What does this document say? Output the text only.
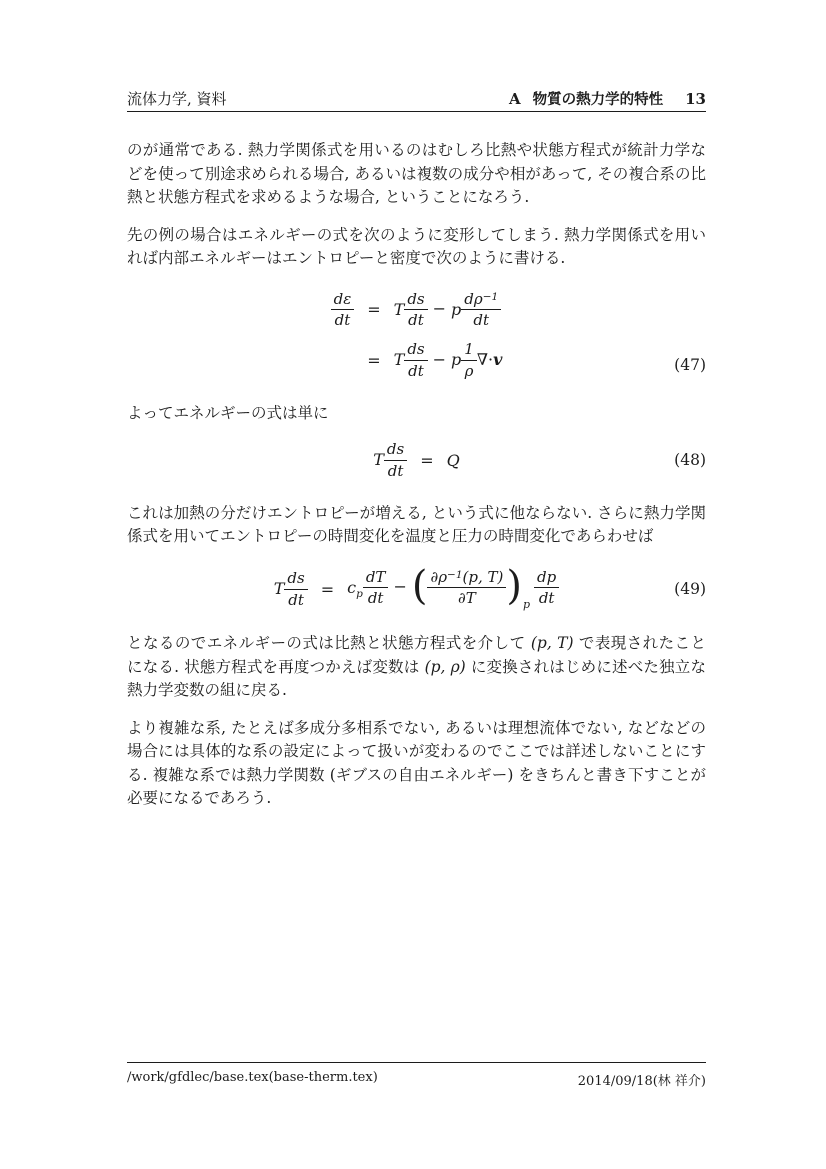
流体力学, 資料	A 物質の熱力学的特性 13

のが通常である. 熱力学関係式を用いるのはむしろ比熱や状態方程式が統計力学などを使って別途求められる場合, あるいは複数の成分や相があって, その複合系の比熱と状態方程式を求めるような場合, ということになろう.

先の例の場合はエネルギーの式を次のように変形してしまう. 熱力学関係式を用いれば内部エネルギーはエントロピーと密度で次のように書ける.

$\frac{d\varepsilon}{dt}$	=	T $\frac{ds}{dt} - p \frac{d\rho^{-1}}{dt}$

	=	T $\frac{ds}{dt} - p \frac{1}{\rho} \nabla\cdot v$	(47)

よってエネルギーの式は単に

T $\frac{ds}{dt}$	=	Q	(48)

これは加熱の分だけエントロピーが増える, という式に他ならない. さらに熱力学関係式を用いてエントロピーの時間変化を温度と圧力の時間変化であらわせば

T $\frac{ds}{dt}$	=	$c_p \frac{dT}{dt}$ − ( $\frac{\partial\rho^{-1}(p, T)}{\partial T} )_p \frac{dp}{dt}$	(49)

となるのでエネルギーの式は比熱と状態方程式を介して (p, T) で表現されたことになる. 状態方程式を再度つかえば変数は (p, ρ) に変換されはじめに述べた独立な熱力学変数の組に戻る.

より複雑な系, たとえば多成分多相系でない, あるいは理想流体でない, などなどの場合には具体的な系の設定によって扱いが変わるのでここでは詳述しないことにする. 複雑な系では熱力学関数 (ギブスの自由エネルギー) をきちんと書き下すことが必要になるであろう.

/work/gfdlec/base.tex(base-therm.tex)	2014/09/18(林 祥介)
